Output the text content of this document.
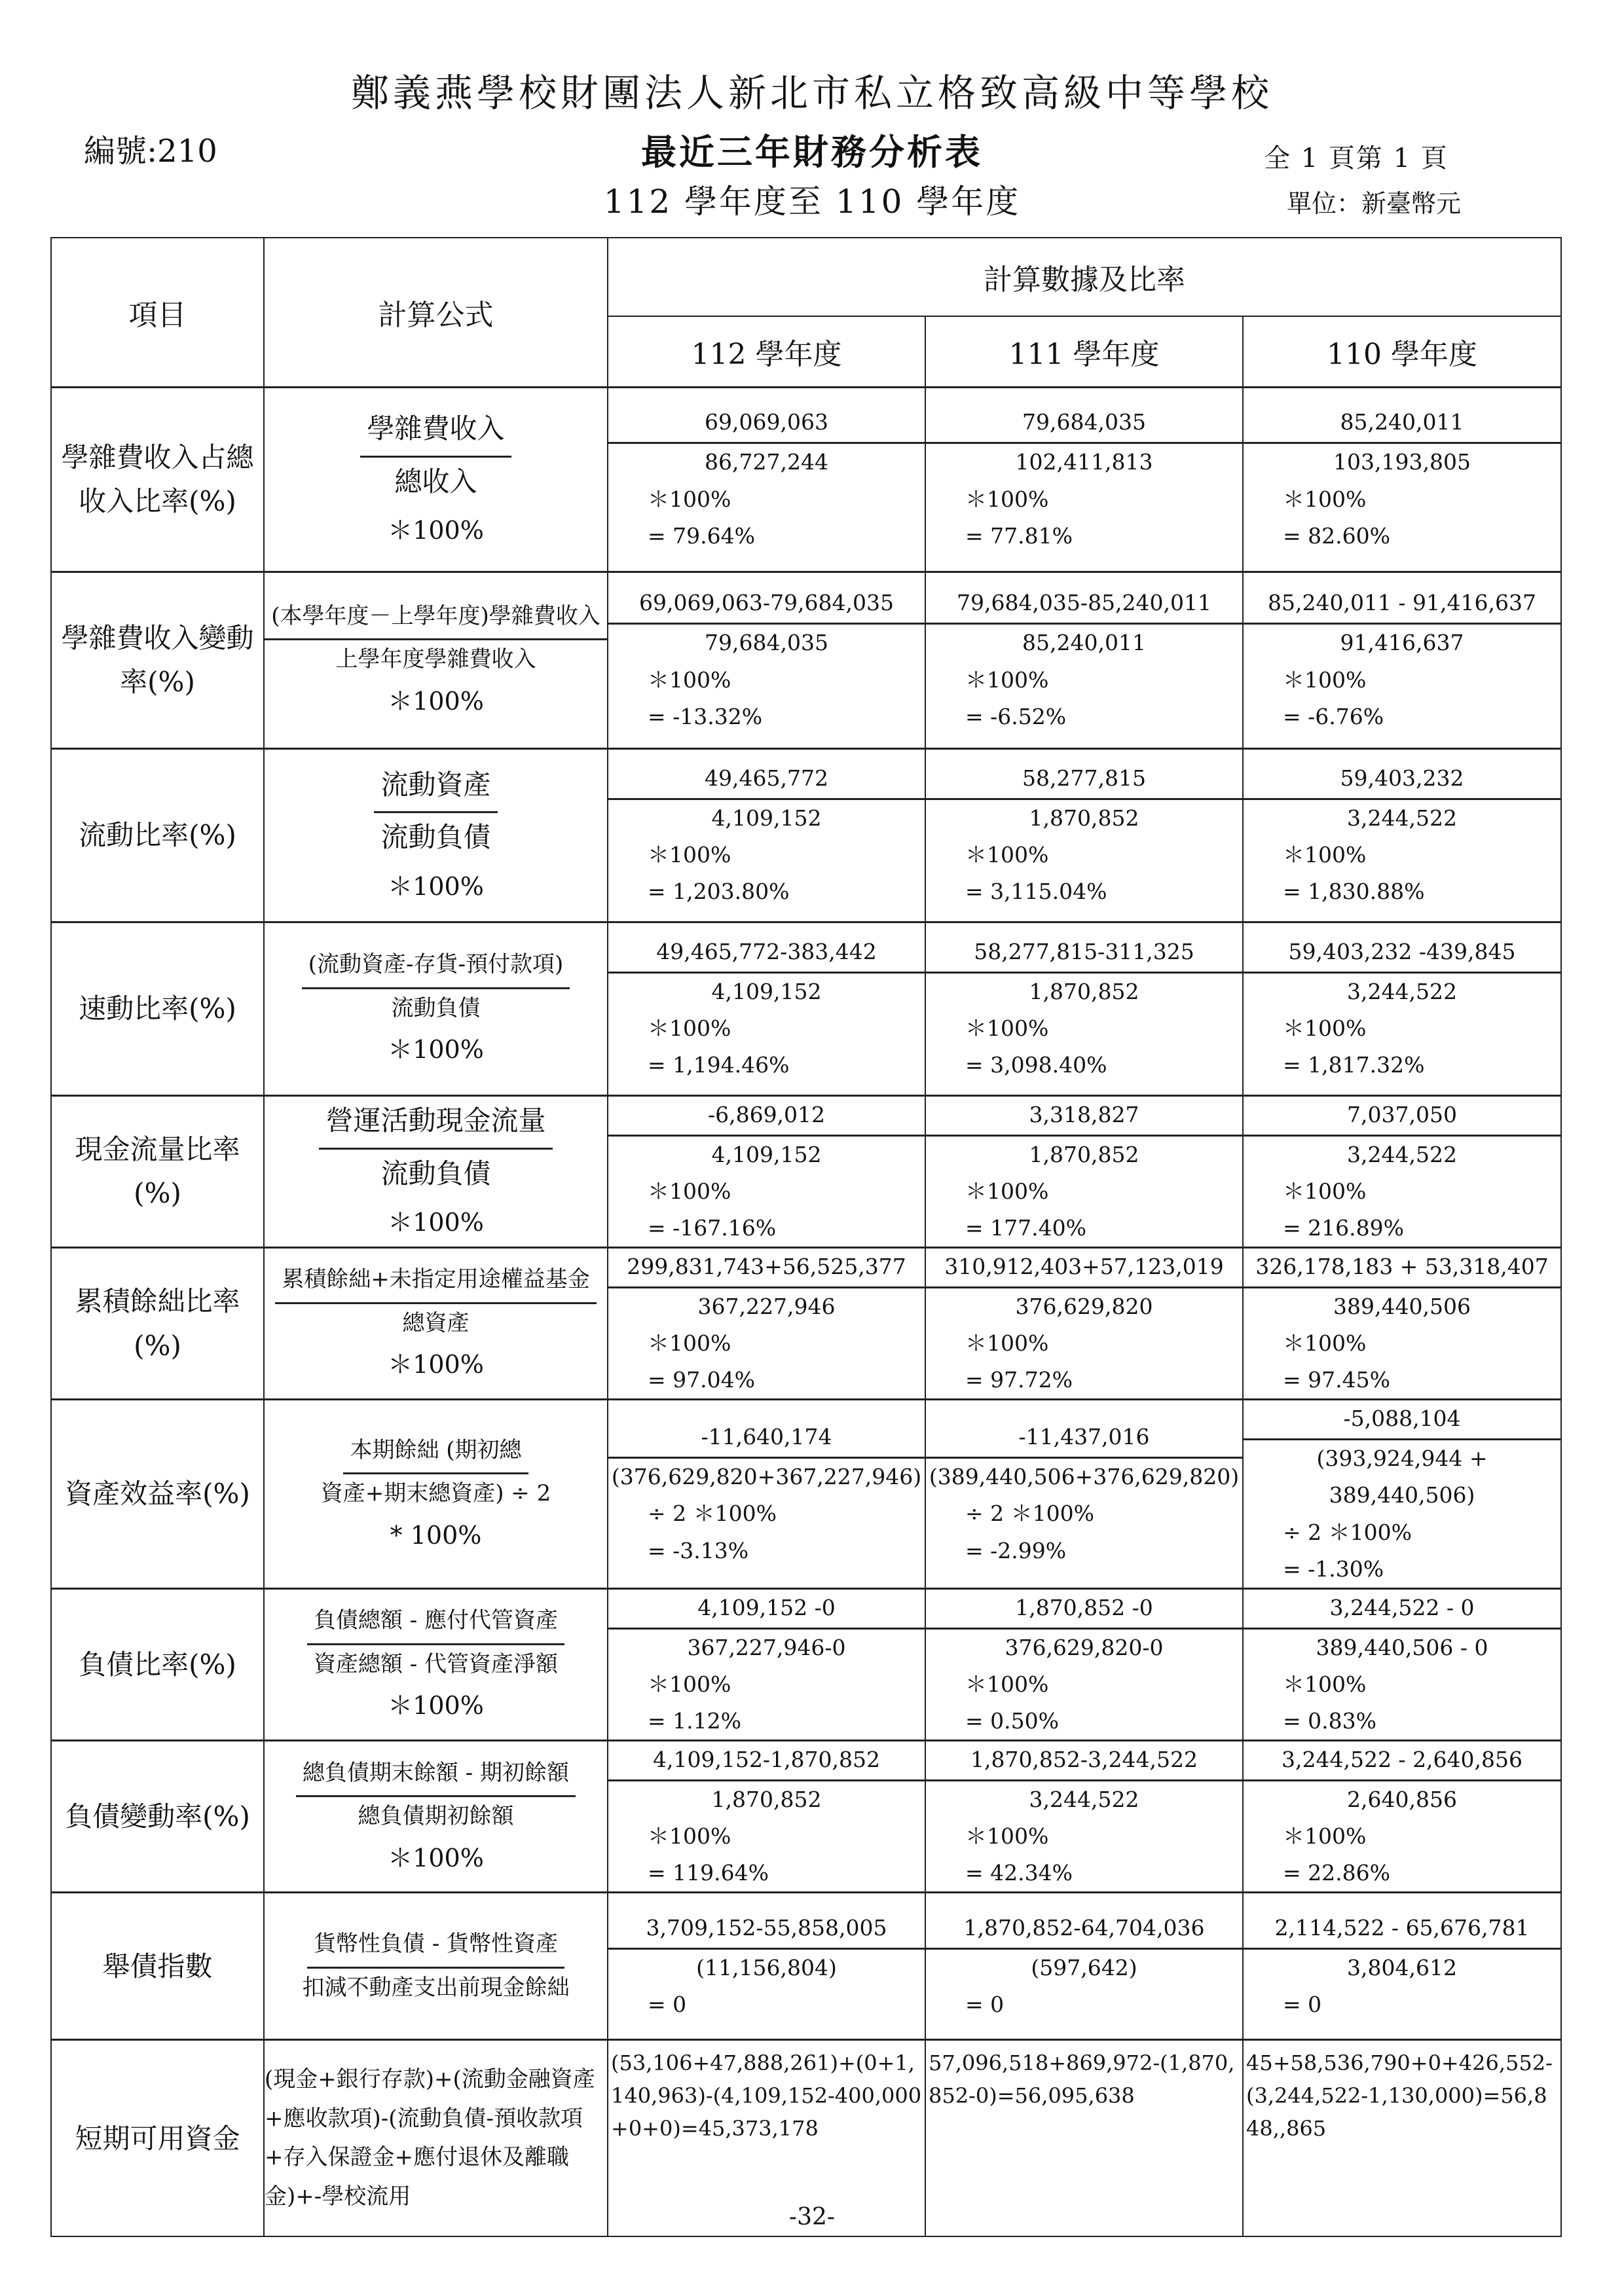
鄭義燕學校財團法人新北市私立格致高級中等學校
編號:210	最近三年財務分析表	全 1 頁第 1 頁
112 學年度至 110 學年度	單位：新臺幣元
項目	計算公式	計算數據及比率		
		112 學年度	111 學年度	110 學年度
學雜費收入占總收入比率(%)	學雜費收入
總收入
＊100%	69,069,063
86,727,244
＊100%
= 79.64%	79,684,035
102,411,813
＊100%
= 77.81%	85,240,011
103,193,805
＊100%
= 82.60%

學雜費收入變動率(%)	(本學年度－上學年度)學雜費收入
上學年度學雜費收入
＊100%	69,069,063-79,684,035
79,684,035
＊100%
= -13.32%	79,684,035-85,240,011
85,240,011
＊100%
= -6.52%	85,240,011 - 91,416,637
91,416,637
＊100%
= -6.76%

流動比率(%)	流動資產
流動負債
＊100%	49,465,772
4,109,152
＊100%
= 1,203.80%	58,277,815
1,870,852
＊100%
= 3,115.04%	59,403,232
3,244,522
＊100%
= 1,830.88%

速動比率(%)	(流動資產-存貨-預付款項)
流動負債
＊100%	49,465,772-383,442
4,109,152
＊100%
= 1,194.46%	58,277,815-311,325
1,870,852
＊100%
= 3,098.40%	59,403,232 -439,845
3,244,522
＊100%
= 1,817.32%

現金流量比率(%)	營運活動現金流量
流動負債
＊100%	-6,869,012
4,109,152
＊100%
= -167.16%	3,318,827
1,870,852
＊100%
= 177.40%	7,037,050
3,244,522
＊100%
= 216.89%

累積餘絀比率(%)	累積餘絀+未指定用途權益基金
總資產
＊100%	299,831,743+56,525,377
367,227,946
＊100%
= 97.04%	310,912,403+57,123,019
376,629,820
＊100%
= 97.72%	326,178,183 + 53,318,407
389,440,506
＊100%
= 97.45%

資產效益率(%)	本期餘絀 (期初總
資產+期末總資產) ÷ 2
* 100%	-11,640,174
(376,629,820+367,227,946)
÷ 2 ＊100%
= -3.13%	-11,437,016
(389,440,506+376,629,820)
÷ 2 ＊100%
= -2.99%	-5,088,104
(393,924,944 + 389,440,506)
÷ 2 ＊100%
= -1.30%

負債比率(%)	負債總額 - 應付代管資產
資產總額 - 代管資產淨額
＊100%	4,109,152 -0
367,227,946-0
＊100%
= 1.12%	1,870,852 -0
376,629,820-0
＊100%
= 0.50%	3,244,522 - 0
389,440,506 - 0
＊100%
= 0.83%

負債變動率(%)	總負債期末餘額 - 期初餘額
總負債期初餘額
＊100%	4,109,152-1,870,852
1,870,852
＊100%
= 119.64%	1,870,852-3,244,522
3,244,522
＊100%
= 42.34%	3,244,522 - 2,640,856
2,640,856
＊100%
= 22.86%

舉債指數	貨幣性負債 - 貨幣性資產
扣減不動產支出前現金餘絀	3,709,152-55,858,005
(11,156,804)
= 0	1,870,852-64,704,036
(597,642)
= 0	2,114,522 - 65,676,781
3,804,612
= 0

短期可用資金	(現金+銀行存款)+(流動金融資產+應收款項)-(流動負債-預收款項+存入保證金+應付退休及離職金)+-學校流用	(53,106+47,888,261)+(0+1,140,963)-(4,109,152-400,000+0+0)=45,373,178	57,096,518+869,972-(1,870,852-0)=56,095,638	45+58,536,790+0+426,552-(3,244,522-1,130,000)=56,848,,865
-32-
